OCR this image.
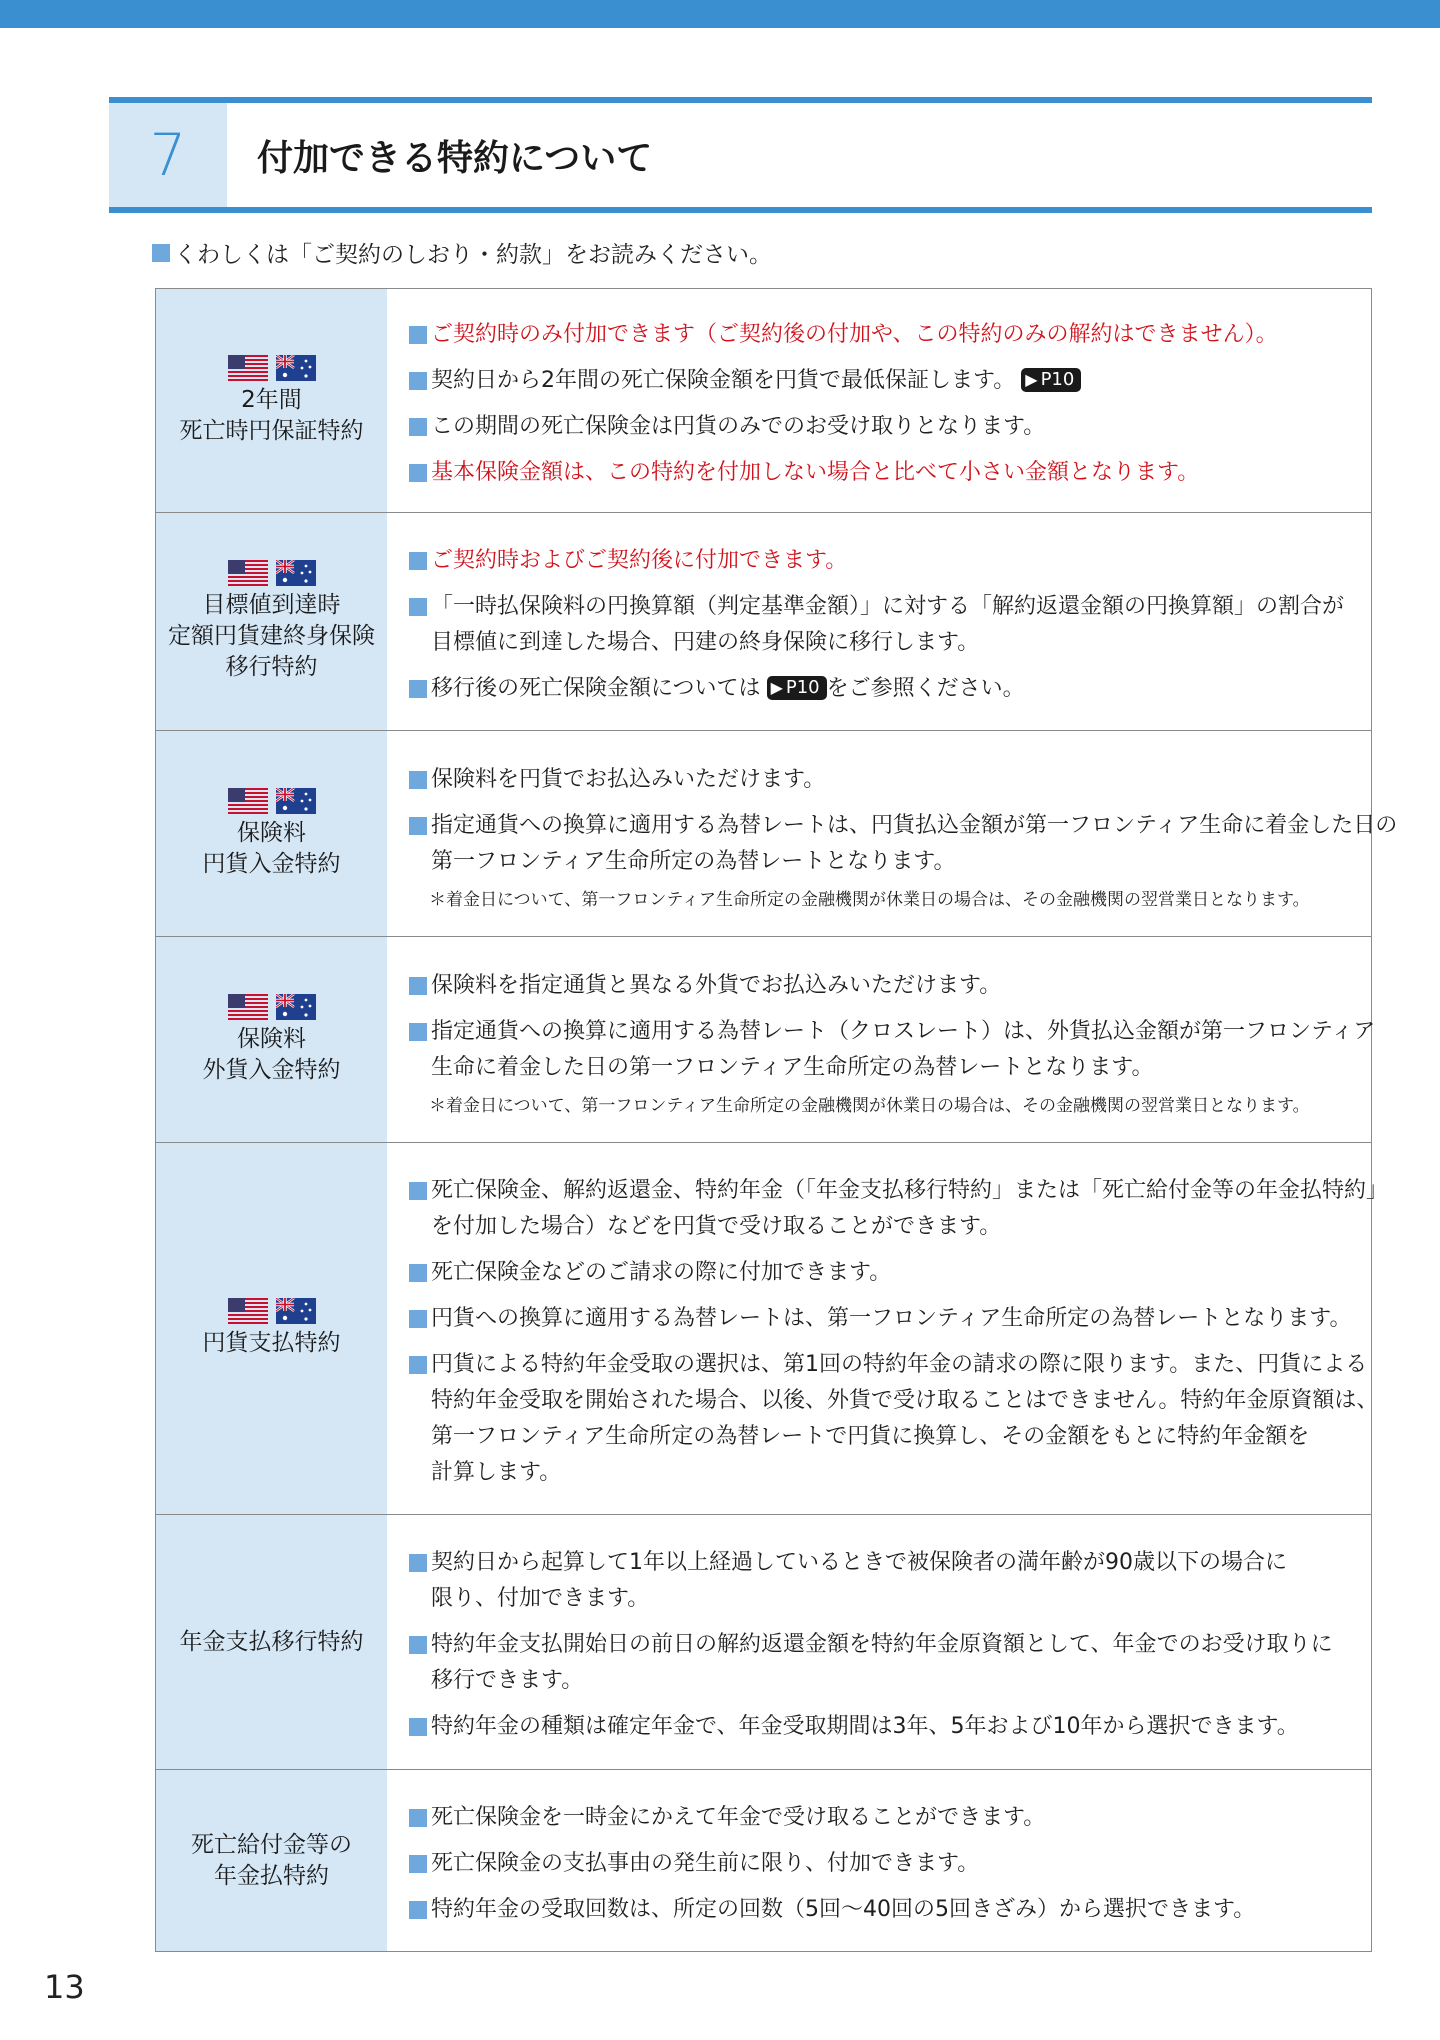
7	付加できる特約について
くわしくは「ご契約のしおり・約款」をお読みください。
2年間
死亡時円保証特約
ご契約時のみ付加できます（ご契約後の付加や、この特約のみの解約はできません）。
契約日から2年間の死亡保険金額を円貨で最低保証します。 ▶ P10
この期間の死亡保険金は円貨のみでのお受け取りとなります。
基本保険金額は、この特約を付加しない場合と比べて小さい金額となります。
目標値到達時
定額円貨建終身保険
移行特約
ご契約時およびご契約後に付加できます。
「一時払保険料の円換算額（判定基準金額）」に対する「解約返還金額の円換算額」の割合が
目標値に到達した場合、円建の終身保険に移行します。
移行後の死亡保険金額については ▶ P10 をご参照ください。
保険料
円貨入金特約
保険料を円貨でお払込みいただけます。
指定通貨への換算に適用する為替レートは、円貨払込金額が第一フロンティア生命に着金した日の
第一フロンティア生命所定の為替レートとなります。
＊着金日について、第一フロンティア生命所定の金融機関が休業日の場合は、その金融機関の翌営業日となります。
保険料
外貨入金特約
保険料を指定通貨と異なる外貨でお払込みいただけます。
指定通貨への換算に適用する為替レート（クロスレート）は、外貨払込金額が第一フロンティア
生命に着金した日の第一フロンティア生命所定の為替レートとなります。
＊着金日について、第一フロンティア生命所定の金融機関が休業日の場合は、その金融機関の翌営業日となります。
円貨支払特約
死亡保険金、解約返還金、特約年金（「年金支払移行特約」または「死亡給付金等の年金払特約」
を付加した場合）などを円貨で受け取ることができます。
死亡保険金などのご請求の際に付加できます。
円貨への換算に適用する為替レートは、第一フロンティア生命所定の為替レートとなります。
円貨による特約年金受取の選択は、第1回の特約年金の請求の際に限ります。また、円貨による
特約年金受取を開始された場合、以後、外貨で受け取ることはできません。特約年金原資額は、
第一フロンティア生命所定の為替レートで円貨に換算し、その金額をもとに特約年金額を
計算します。
年金支払移行特約
契約日から起算して1年以上経過しているときで被保険者の満年齢が90歳以下の場合に
限り、付加できます。
特約年金支払開始日の前日の解約返還金額を特約年金原資額として、年金でのお受け取りに
移行できます。
特約年金の種類は確定年金で、年金受取期間は3年、5年および10年から選択できます。
死亡給付金等の
年金払特約
死亡保険金を一時金にかえて年金で受け取ることができます。
死亡保険金の支払事由の発生前に限り、付加できます。
特約年金の受取回数は、所定の回数（5回〜40回の5回きざみ）から選択できます。
13
